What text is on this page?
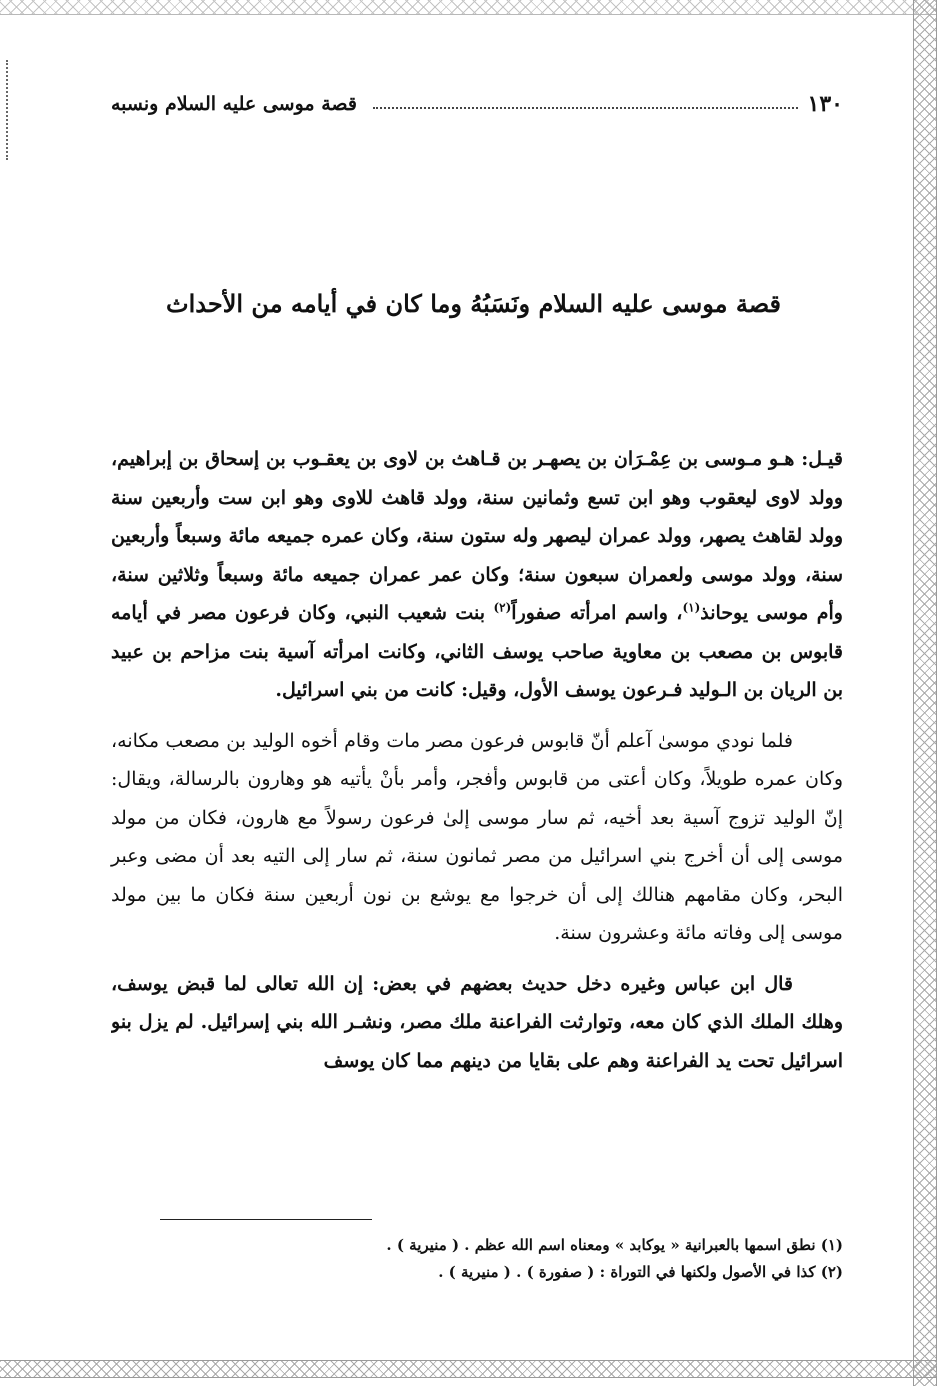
قصة موسى عليه السلام ونسبه	١٣٠
قصة موسى عليه السلام ونَسَبُهُ وما كان في أيامه من الأحداث

قيـل: هـو مـوسى بن عِمْـرَان بن يصهـر بن قـاهث بن لاوى بن يعقـوب بن إسحاق بن إبراهيم، وولد لاوى ليعقوب وهو ابن تسع وثمانين سنة، وولد قاهث للاوى وهو ابن ست وأربعين سنة وولد لقاهث يصهر، وولد عمران ليصهر وله ستون سنة، وكان عمره جميعه مائة وسبعاً وأربعين سنة، وولد موسى ولعمران سبعون سنة؛ وكان عمر عمران جميعه مائة وسبعاً وثلاثين سنة، وأم موسى يوحانذ$^{(١)}$، واسم امرأته صفوراً$^{(٢)}$ بنت شعيب النبي، وكان فرعون مصر في أيامه قابوس بن مصعب بن معاوية صاحب يوسف الثاني، وكانت امرأته آسية بنت مزاحم بن عبيد بن الريان بن الـوليد فـرعون يوسف الأول، وقيل: كانت من بني اسرائيل.

فلما نودي موسىٰ آعلم أنّ قابوس فرعون مصر مات وقام أخوه الوليد بن مصعب مكانه، وكان عمره طويلاً، وكان أعتى من قابوس وأفجر، وأمر بأنْ يأتيه هو وهارون بالرسالة، ويقال: إنّ الوليد تزوج آسية بعد أخيه، ثم سار موسى إلىٰ فرعون رسولاً مع هارون، فكان من مولد موسى إلى أن أخرج بني اسرائيل من مصر ثمانون سنة، ثم سار إلى التيه بعد أن مضى وعبر البحر، وكان مقامهم هنالك إلى أن خرجوا مع يوشع بن نون أربعين سنة فكان ما بين مولد موسى إلى وفاته مائة وعشرون سنة.

قال ابن عباس وغيره دخل حديث بعضهم في بعض: إن الله تعالى لما قبض يوسف، وهلك الملك الذي كان معه، وتوارثت الفراعنة ملك مصر، ونشـر الله بني إسرائيل. لم يزل بنو اسرائيل تحت يد الفراعنة وهم على بقايا من دينهم مما كان يوسف

(١) نطق اسمها بالعبرانية « يوكابد » ومعناه اسم الله عظم . ( منيرية ) .
(٢) كذا في الأصول ولكنها في التوراة : ( صفورة ) . ( منيرية ) .
